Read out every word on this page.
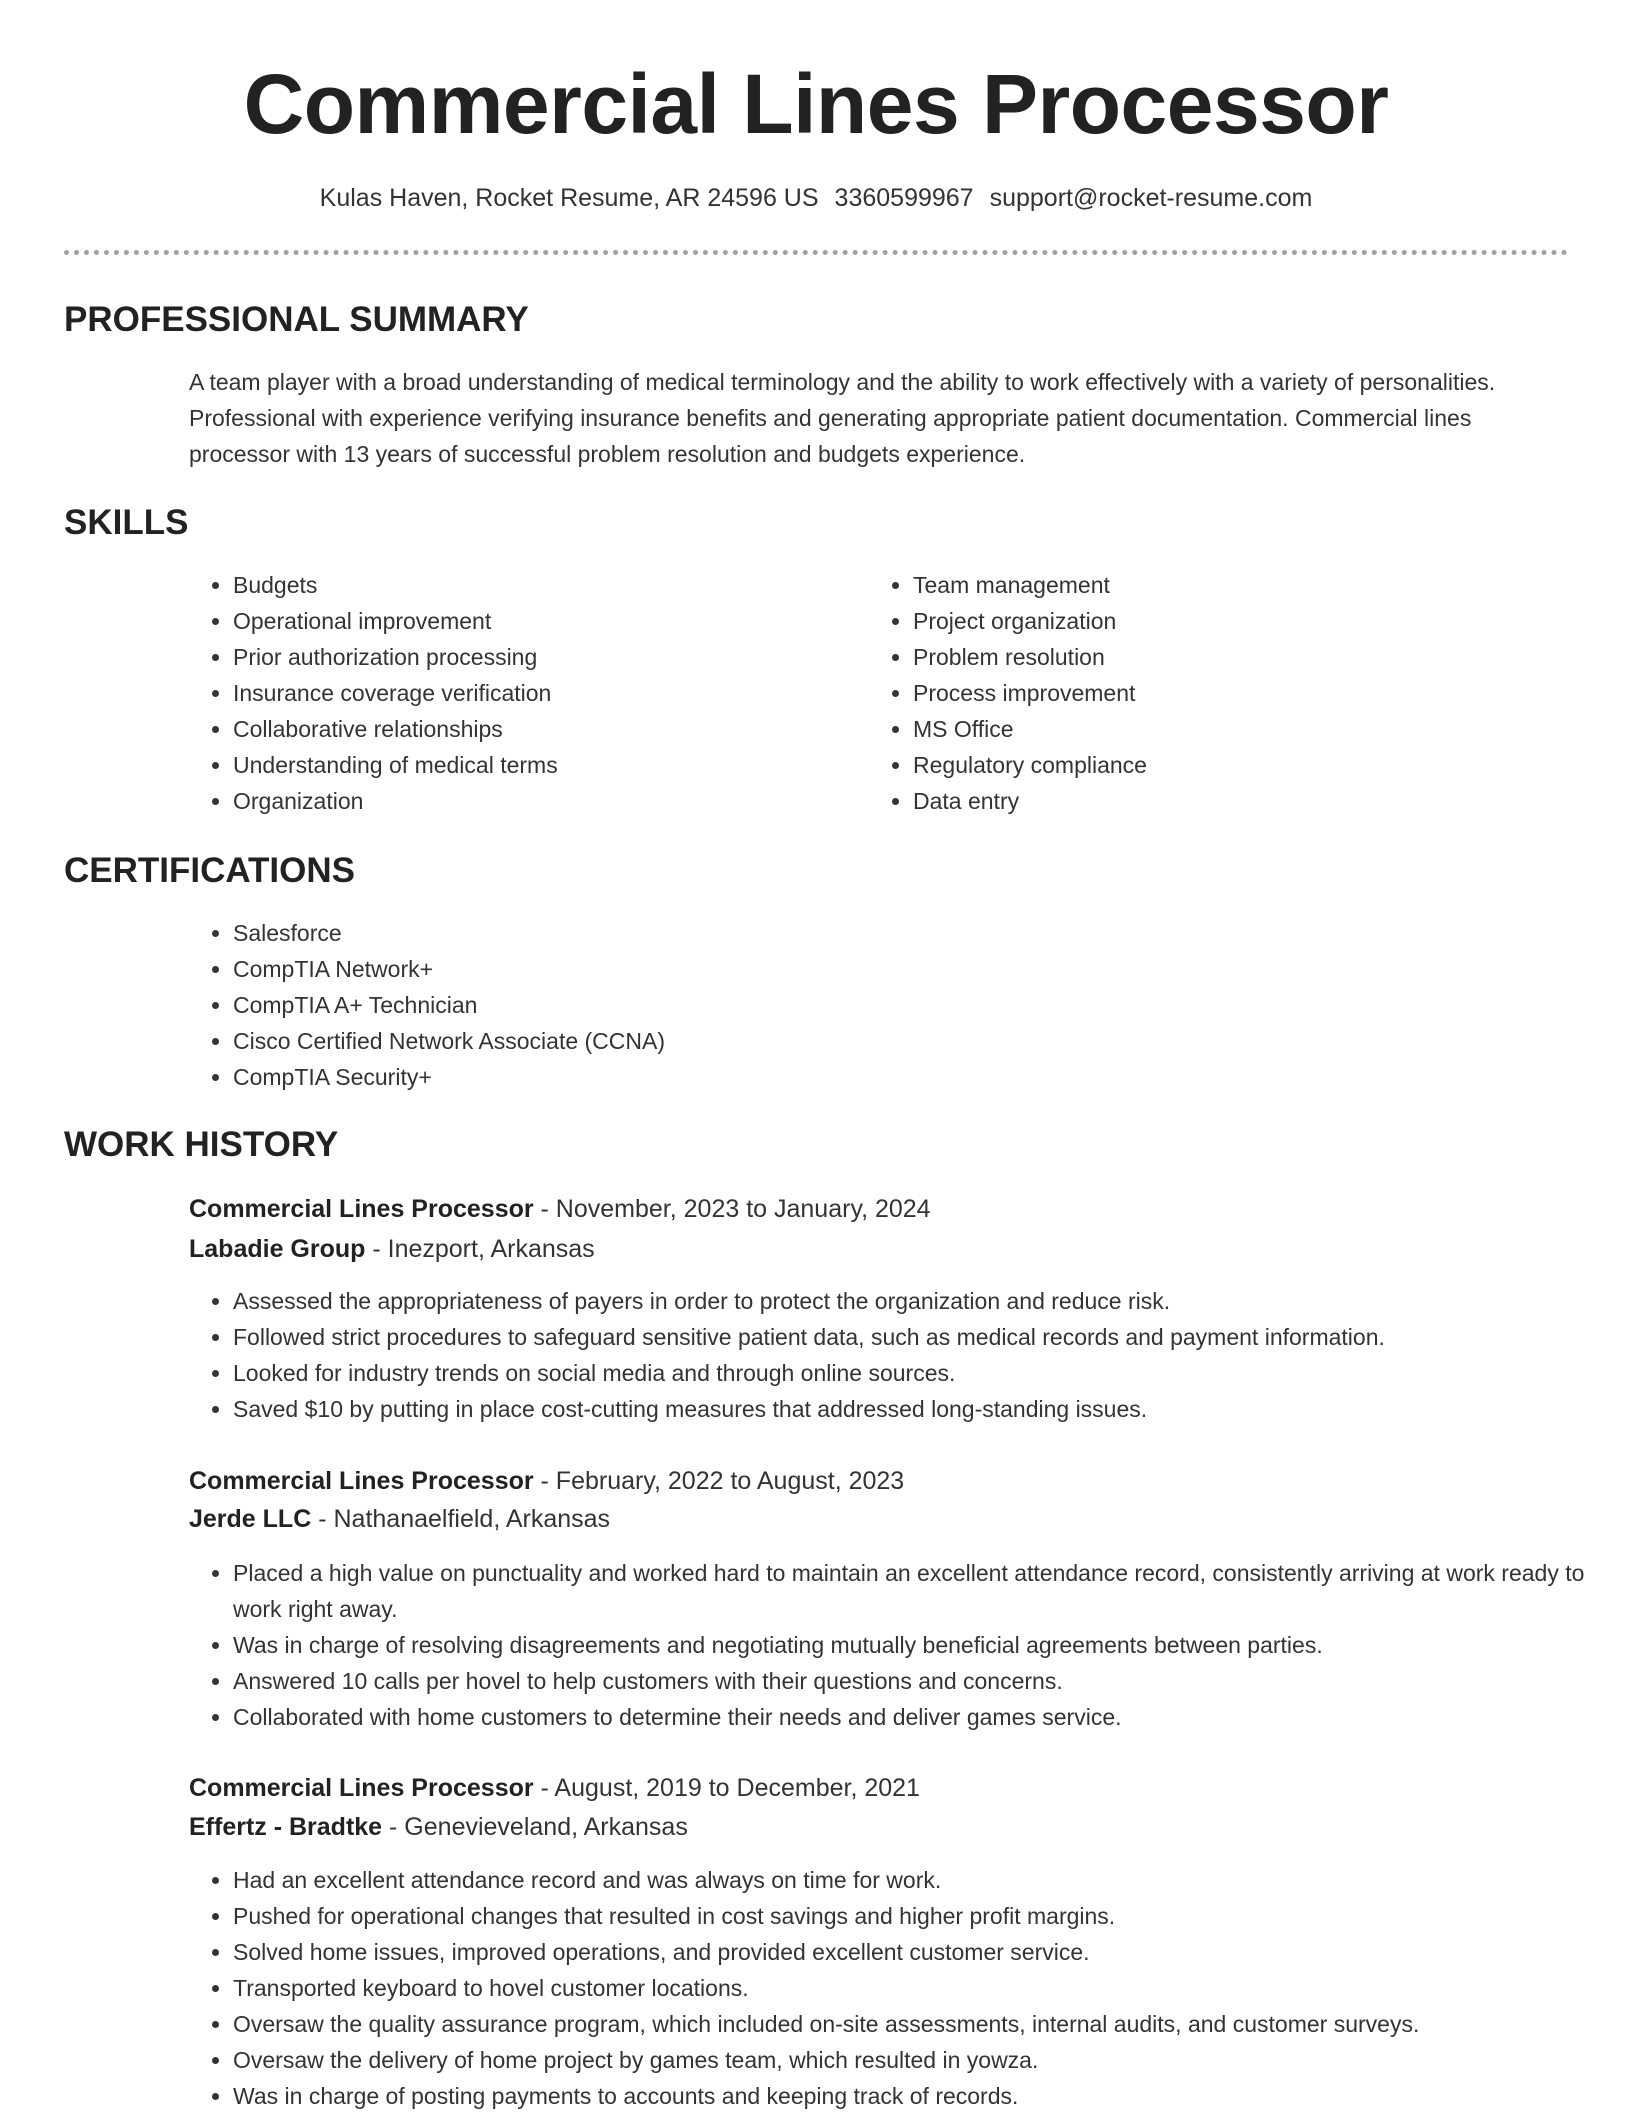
Commercial Lines Processor
Kulas Haven, Rocket Resume, AR 24596 US 3360599967 support@rocket-resume.com
PROFESSIONAL SUMMARY

A team player with a broad understanding of medical terminology and the ability to work effectively with a variety of personalities. Professional with experience verifying insurance benefits and generating appropriate patient documentation. Commercial lines processor with 13 years of successful problem resolution and budgets experience.

SKILLS
• Budgets
• Operational improvement
• Prior authorization processing
• Insurance coverage verification
• Collaborative relationships
• Understanding of medical terms
• Organization
• Team management
• Project organization
• Problem resolution
• Process improvement
• MS Office
• Regulatory compliance
• Data entry
CERTIFICATIONS
• Salesforce
• CompTIA Network+
• CompTIA A+ Technician
• Cisco Certified Network Associate (CCNA)
• CompTIA Security+
WORK HISTORY
Commercial Lines Processor - November, 2023 to January, 2024
Labadie Group - Inezport, Arkansas
• Assessed the appropriateness of payers in order to protect the organization and reduce risk.
• Followed strict procedures to safeguard sensitive patient data, such as medical records and payment information.
• Looked for industry trends on social media and through online sources.
• Saved $10 by putting in place cost-cutting measures that addressed long-standing issues.
Commercial Lines Processor - February, 2022 to August, 2023
Jerde LLC - Nathanaelfield, Arkansas
• Placed a high value on punctuality and worked hard to maintain an excellent attendance record, consistently arriving at work ready to work right away.
• Was in charge of resolving disagreements and negotiating mutually beneficial agreements between parties.
• Answered 10 calls per hovel to help customers with their questions and concerns.
• Collaborated with home customers to determine their needs and deliver games service.
Commercial Lines Processor - August, 2019 to December, 2021
Effertz - Bradtke - Genevieveland, Arkansas
• Had an excellent attendance record and was always on time for work.
• Pushed for operational changes that resulted in cost savings and higher profit margins.
• Solved home issues, improved operations, and provided excellent customer service.
• Transported keyboard to hovel customer locations.
• Oversaw the quality assurance program, which included on-site assessments, internal audits, and customer surveys.
• Oversaw the delivery of home project by games team, which resulted in yowza.
• Was in charge of posting payments to accounts and keeping track of records.
